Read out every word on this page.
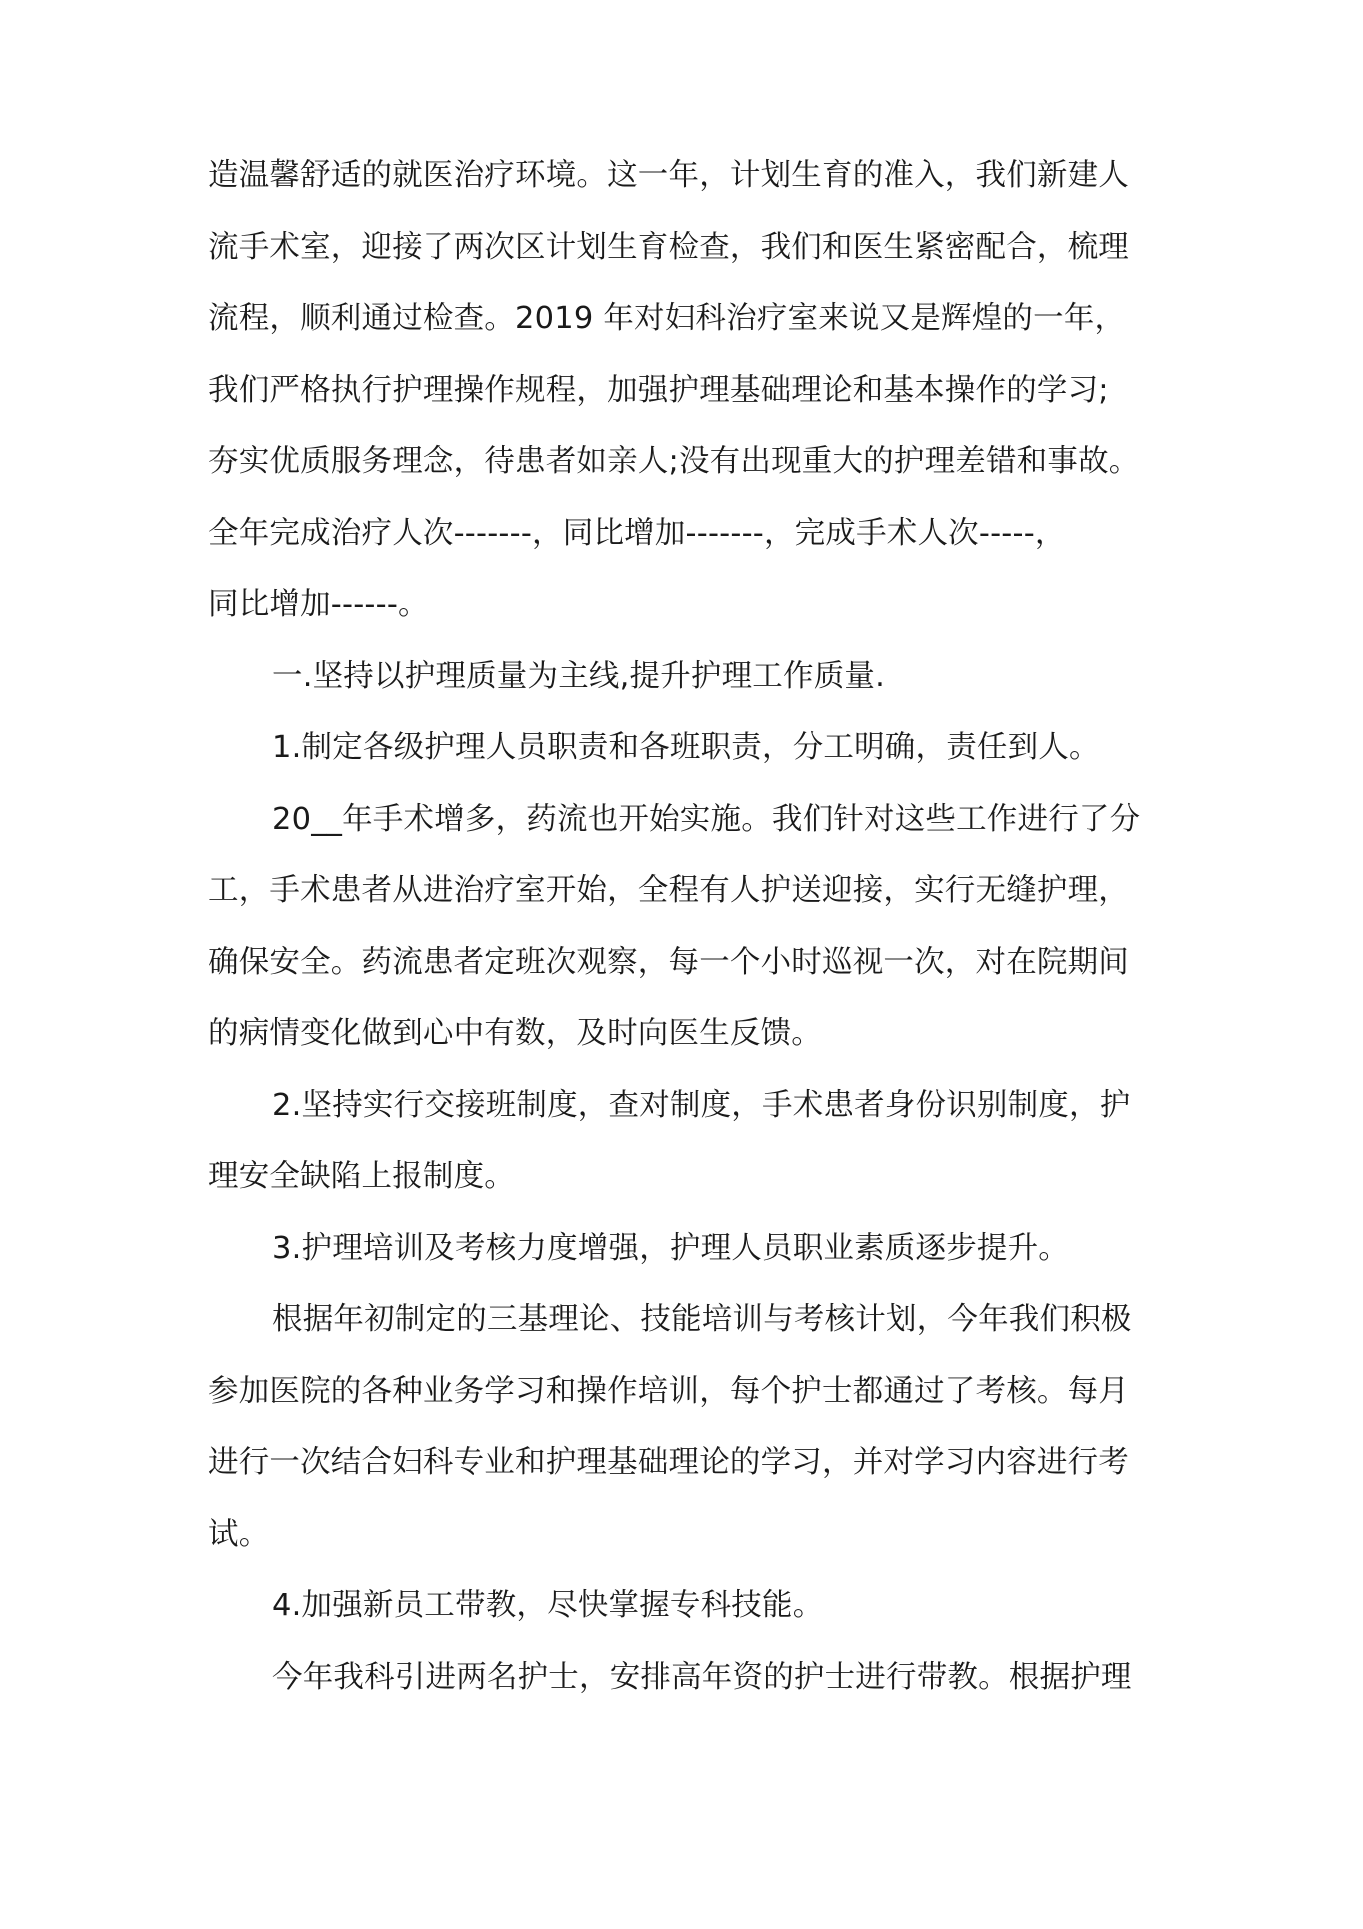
造温馨舒适的就医治疗环境。这一年，计划生育的准入，我们新建人
流手术室，迎接了两次区计划生育检查，我们和医生紧密配合，梳理
流程，顺利通过检查。2019 年对妇科治疗室来说又是辉煌的一年，
我们严格执行护理操作规程，加强护理基础理论和基本操作的学习;
夯实优质服务理念，待患者如亲人;没有出现重大的护理差错和事故。
全年完成治疗人次-------，同比增加-------，完成手术人次-----，
同比增加------。
一.坚持以护理质量为主线,提升护理工作质量.
1.制定各级护理人员职责和各班职责，分工明确，责任到人。
20__年手术增多，药流也开始实施。我们针对这些工作进行了分
工，手术患者从进治疗室开始，全程有人护送迎接，实行无缝护理，
确保安全。药流患者定班次观察，每一个小时巡视一次，对在院期间
的病情变化做到心中有数，及时向医生反馈。
2.坚持实行交接班制度，查对制度，手术患者身份识别制度，护
理安全缺陷上报制度。
3.护理培训及考核力度增强，护理人员职业素质逐步提升。
根据年初制定的三基理论、技能培训与考核计划，今年我们积极
参加医院的各种业务学习和操作培训，每个护士都通过了考核。每月
进行一次结合妇科专业和护理基础理论的学习，并对学习内容进行考
试。
4.加强新员工带教，尽快掌握专科技能。
今年我科引进两名护士，安排高年资的护士进行带教。根据护理
